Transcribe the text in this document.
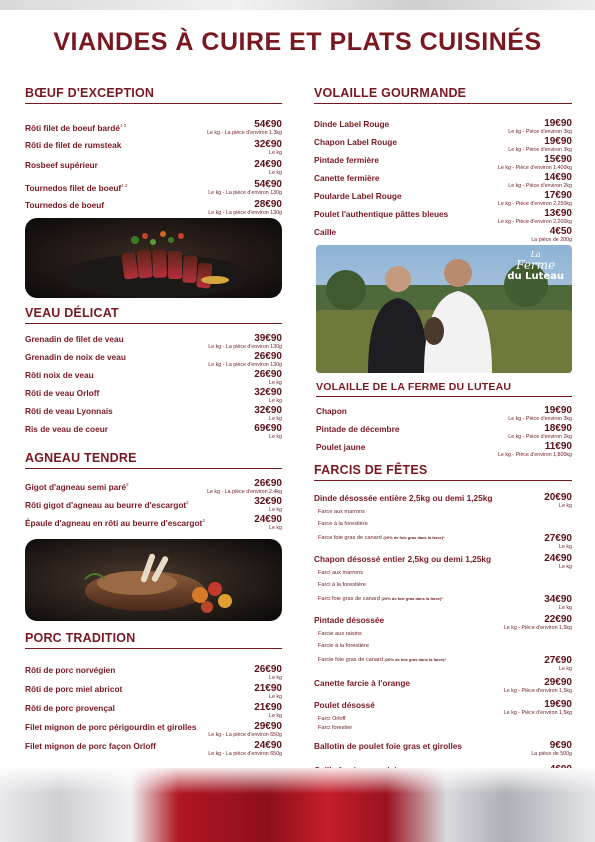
VIANDES À CUIRE ET PLATS CUISINÉS
BŒUF D'EXCEPTION
Rôti filet de boeuf bardé$^{1 2}$	54€90
Le kg - La pièce d'environ 1.3kg
Rôti de filet de rumsteak	32€90
Le kg
Rosbeef supérieur	24€90
Le kg
Tournedos filet de boeuf$^{1 2}$	54€90
Le kg - La pièce d'environ 130g
Tournedos de boeuf	28€90
Le kg - La pièce d'environ 130g
VEAU DÉLICAT
Grenadin de filet de veau	39€90
Le kg - La pièce d'environ 130g
Grenadin de noix de veau	26€90
Le kg - La pièce d'environ 130g
Rôti noix de veau	26€90
Le kg
Rôti de veau Orloff	32€90
Le kg
Rôti de veau Lyonnais	32€90
Le kg
Ris de veau de coeur	69€90
Le kg
AGNEAU TENDRE
Gigot d'agneau semi paré$^2$	26€90
Le kg - La pièce d'environ 2.4kg
Rôti gigot d'agneau au beurre d'escargot$^2$	32€90
Le kg
Épaule d'agneau en rôti au beurre d'escargot$^2$	24€90
Le kg
PORC TRADITION
Rôti de porc norvégien	26€90
Le kg
Rôti de porc miel abricot	21€90
Le kg
Rôti de porc provençal	21€90
Le kg
Filet mignon de porc périgourdin et girolles	29€90
Le kg - La pièce d'environ 650g
Filet mignon de porc façon Orloff	24€90
Le kg - La pièce d'environ 650g
VOLAILLE GOURMANDE
Dinde Label Rouge	19€90
Le kg - Pièce d'environ 3kg
Chapon Label Rouge	19€90
Le kg - Pièce d'environ 3kg
Pintade fermière	15€90
Le kg - Pièce d'environ 1,400kg
Canette fermière	14€90
Le kg - Pièce d'environ 2kg
Poularde Label Rouge	17€90
Le kg - Pièce d'environ 2,250kg
Poulet l'authentique pâttes bleues	13€90
Le kg - Pièce d'environ 2,200kg
Caille	4€50
La pièce de 200g
La
Ferme
du Luteau
VOLAILLE DE LA FERME DU LUTEAU
Chapon	19€90
Le kg - Pièce d'environ 3kg
Pintade de décembre	18€90
Le kg - Pièce d'environ 2kg
Poulet jaune	11€90
Le kg - Pièce d'environ 1,800kg
FARCIS DE FÊTES
Dinde désossée entière 2,5kg ou demi 1,25kg	20€90
Le kg
Farce aux marrons
Farce à la forestière
Farce foie gras de canard (20% de foie gras dans la farce)*	27€90
Le kg
Chapon désossé entier 2,5kg ou demi 1,25kg	24€90
Le kg
Farci aux marrons
Farci à la forestière
Farci foie gras de canard (20% de foie gras dans la farce)*	34€90
Le kg
Pintade désossée	22€90
Le kg - Pièce d'environ 1,5kg
Farcie aux raisins
Farcie à la forestière
Farcie foie gras de canard (20% de foie gras dans la farce)*	27€90
Le kg
Canette farcie à l'orange	29€90
Le kg - Pièce d'environ 1,5kg
Poulet désossé	19€90
Le kg - Pièce d'environ 1,5kg
Farci Orloff
Farci forestier
Ballotin de poulet foie gras et girolles	9€90
La pièce de 500g
